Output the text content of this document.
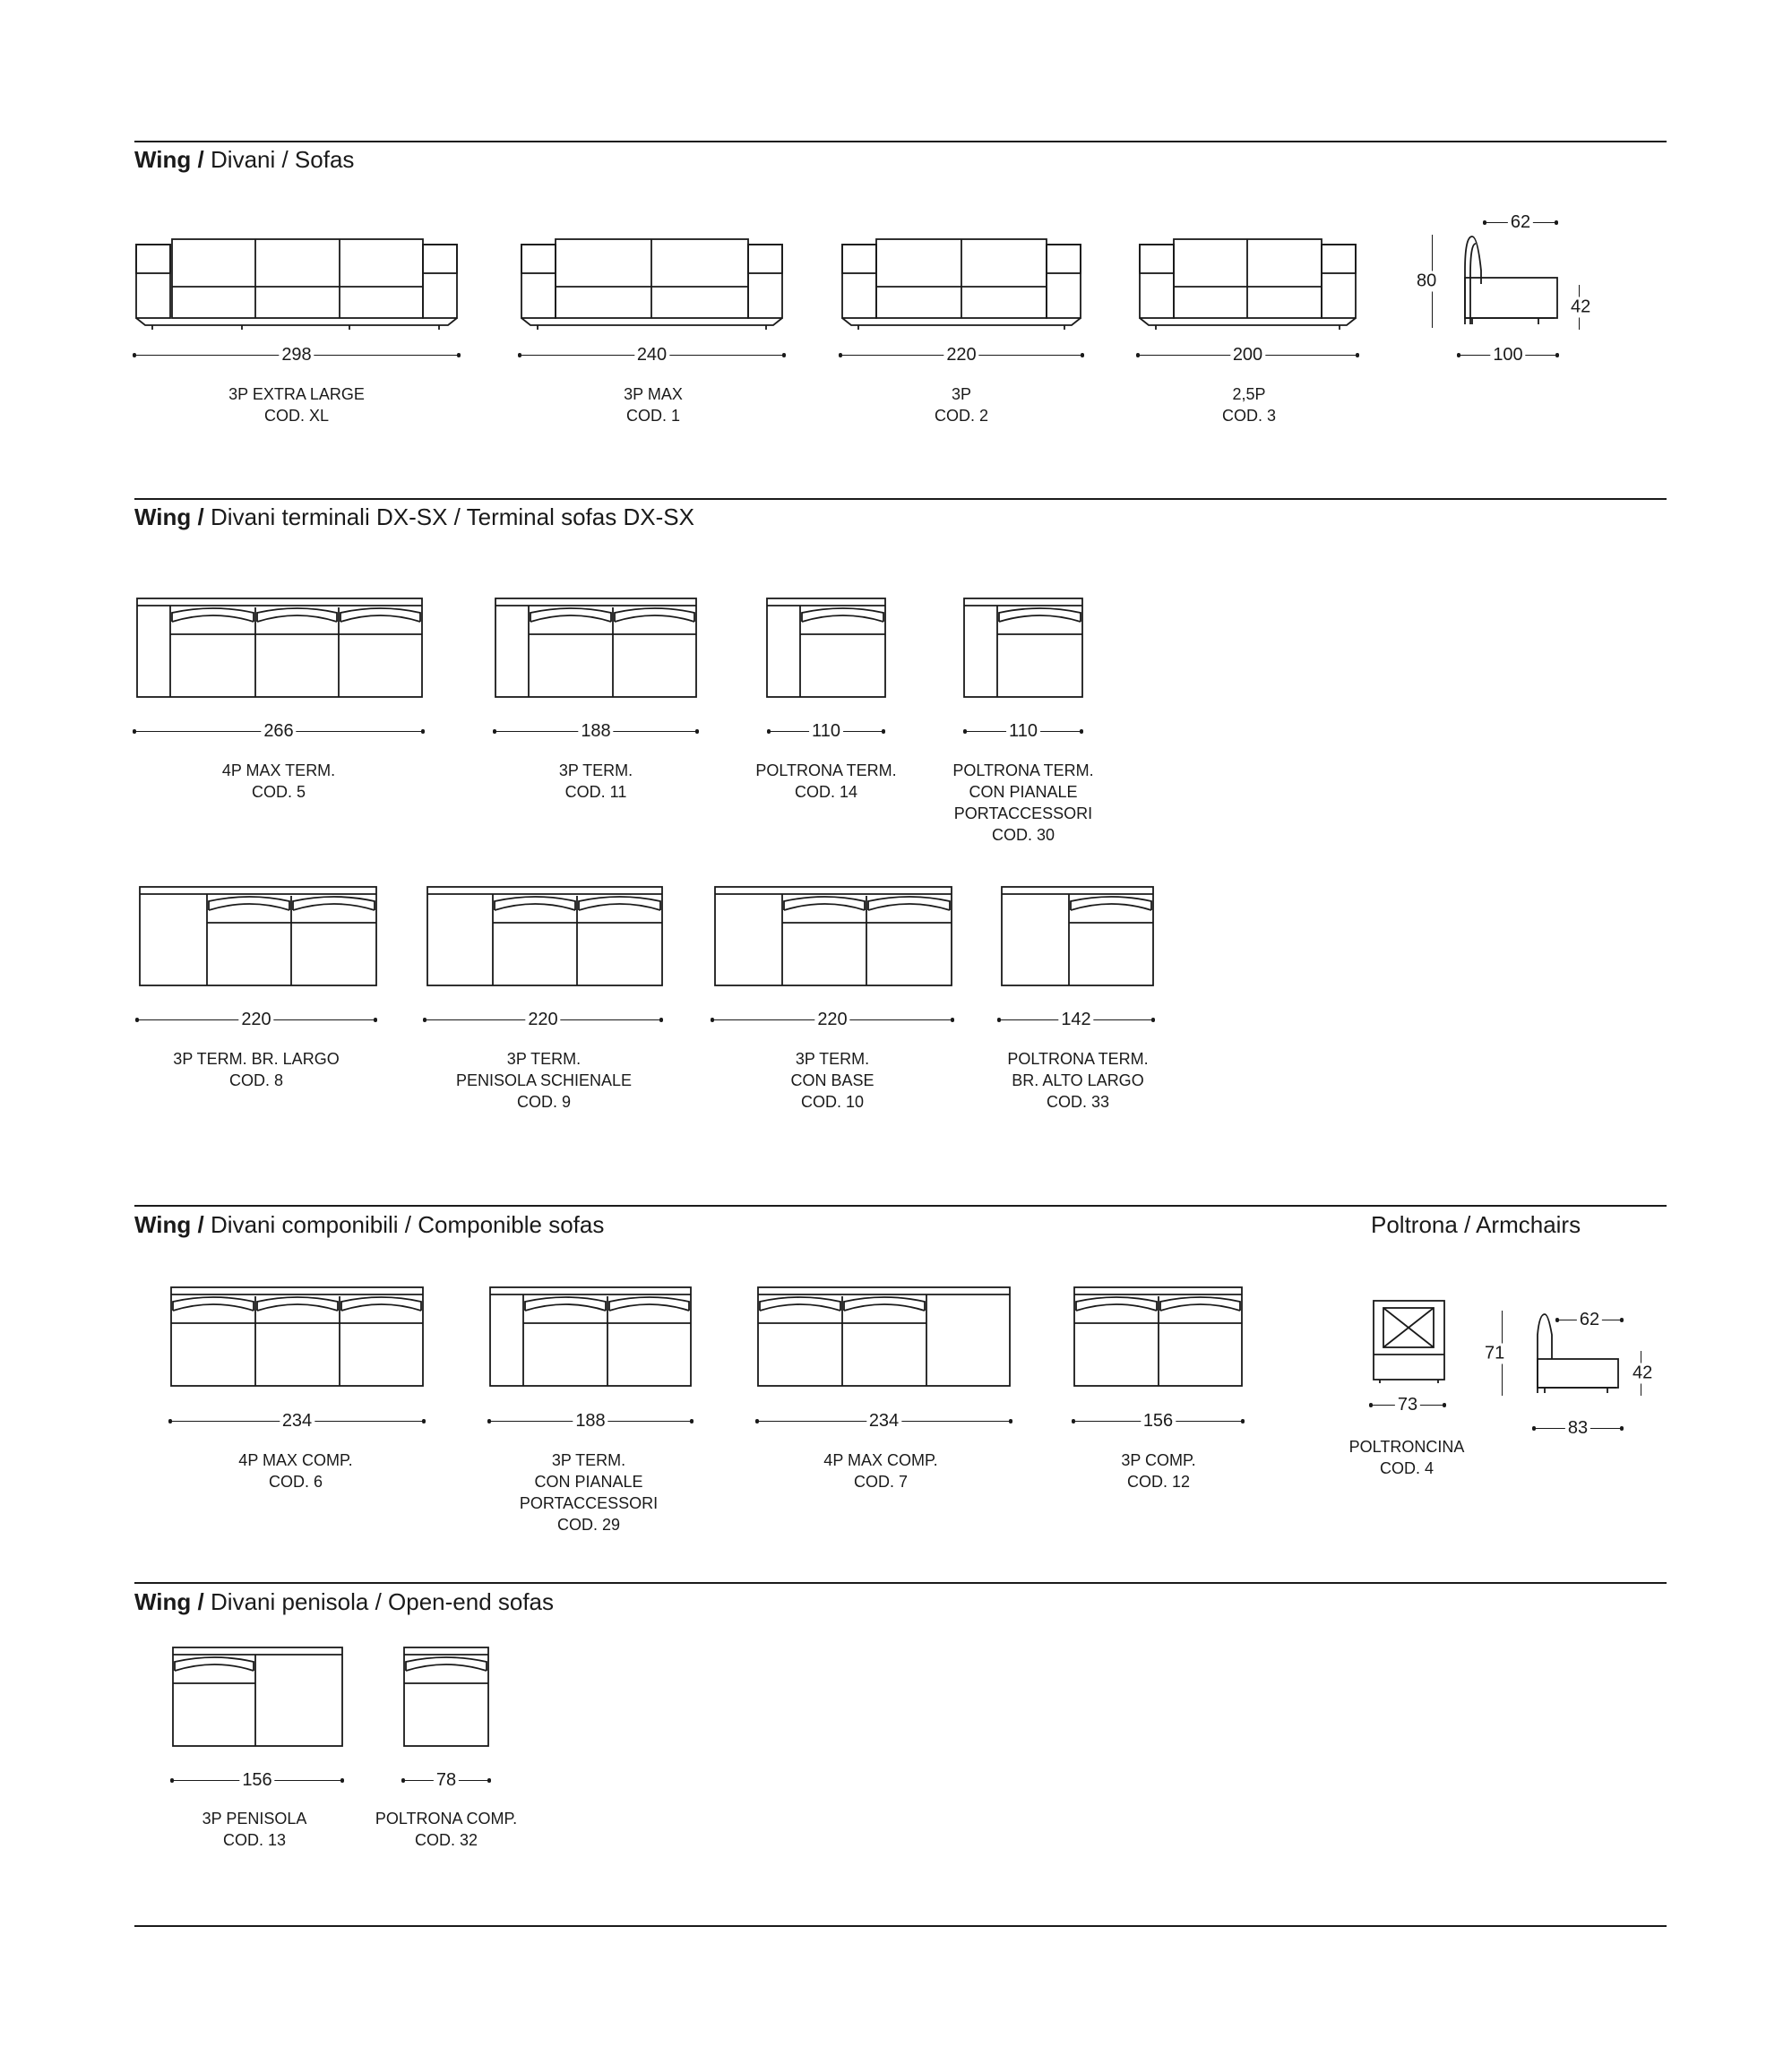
Wing / Divani / Sofas
298
3P EXTRA LARGE
COD. XL
240
3P MAX
COD. 1
220
3P
COD. 2
200
2,5P
COD. 3
62
80
42
100
Wing / Divani terminali DX-SX / Terminal sofas DX-SX
266
4P MAX TERM.
COD. 5
188
3P TERM.
COD. 11
110
POLTRONA TERM.
COD. 14
110
POLTRONA TERM.
CON PIANALE
PORTACCESSORI
COD. 30
220
3P TERM. BR. LARGO
COD. 8
220
3P TERM.
PENISOLA SCHIENALE
COD. 9
220
3P TERM.
CON BASE
COD. 10
142
POLTRONA TERM.
BR. ALTO LARGO
COD. 33
Wing / Divani componibili / Componible sofas	Poltrona / Armchairs
234
4P MAX COMP.
COD. 6
188
3P TERM.
CON PIANALE
PORTACCESSORI
COD. 29
234
4P MAX COMP.
COD. 7
156
3P COMP.
COD. 12
73
POLTRONCINA
COD. 4
62
71
42
83
Wing / Divani penisola / Open-end sofas
156
3P PENISOLA
COD. 13
78
POLTRONA COMP.
COD. 32
